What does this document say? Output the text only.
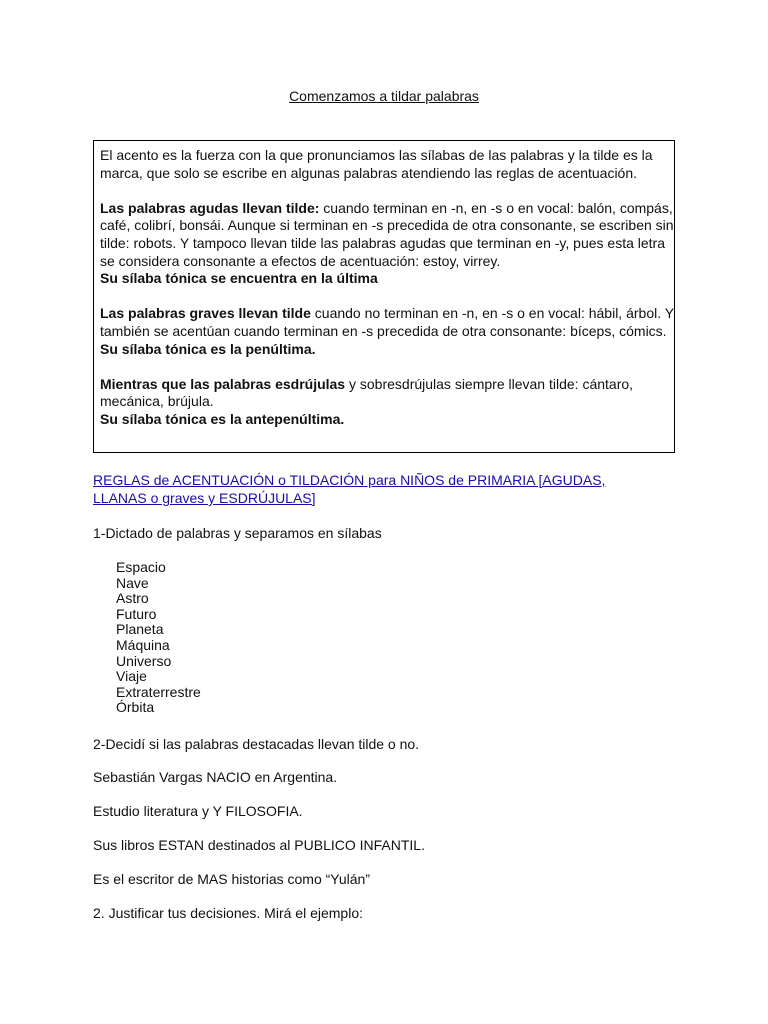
Comenzamos a tildar palabras

El acento es la fuerza con la que pronunciamos las sílabas de las palabras y la tilde es la marca, que solo se escribe en algunas palabras atendiendo las reglas de acentuación.

Las palabras agudas llevan tilde: cuando terminan en -n, en -s o en vocal: balón, compás, café, colibrí, bonsái. Aunque si terminan en -s precedida de otra consonante, se escriben sin tilde: robots. Y tampoco llevan tilde las palabras agudas que terminan en -y, pues esta letra se considera consonante a efectos de acentuación: estoy, virrey.
Su sílaba tónica se encuentra en la última

Las palabras graves llevan tilde cuando no terminan en -n, en -s o en vocal: hábil, árbol. Y también se acentúan cuando terminan en -s precedida de otra consonante: bíceps, cómics.
Su sílaba tónica es la penúltima.

Mientras que las palabras esdrújulas y sobresdrújulas siempre llevan tilde: cántaro, mecánica, brújula.
Su sílaba tónica es la antepenúltima.

REGLAS de ACENTUACIÓN o TILDACIÓN para NIÑOS de PRIMARIA [AGUDAS, LLANAS o graves y ESDRÚJULAS]
1-Dictado de palabras y separamos en sílabas
Espacio
Nave
Astro
Futuro
Planeta
Máquina
Universo
Viaje
Extraterrestre
Órbita
2-Decidí si las palabras destacadas llevan tilde o no.
Sebastián Vargas NACIO en Argentina.
Estudio literatura y Y FILOSOFIA.
Sus libros ESTAN destinados al PUBLICO INFANTIL.
Es el escritor de MAS historias como “Yulán”
2. Justificar tus decisiones. Mirá el ejemplo:
